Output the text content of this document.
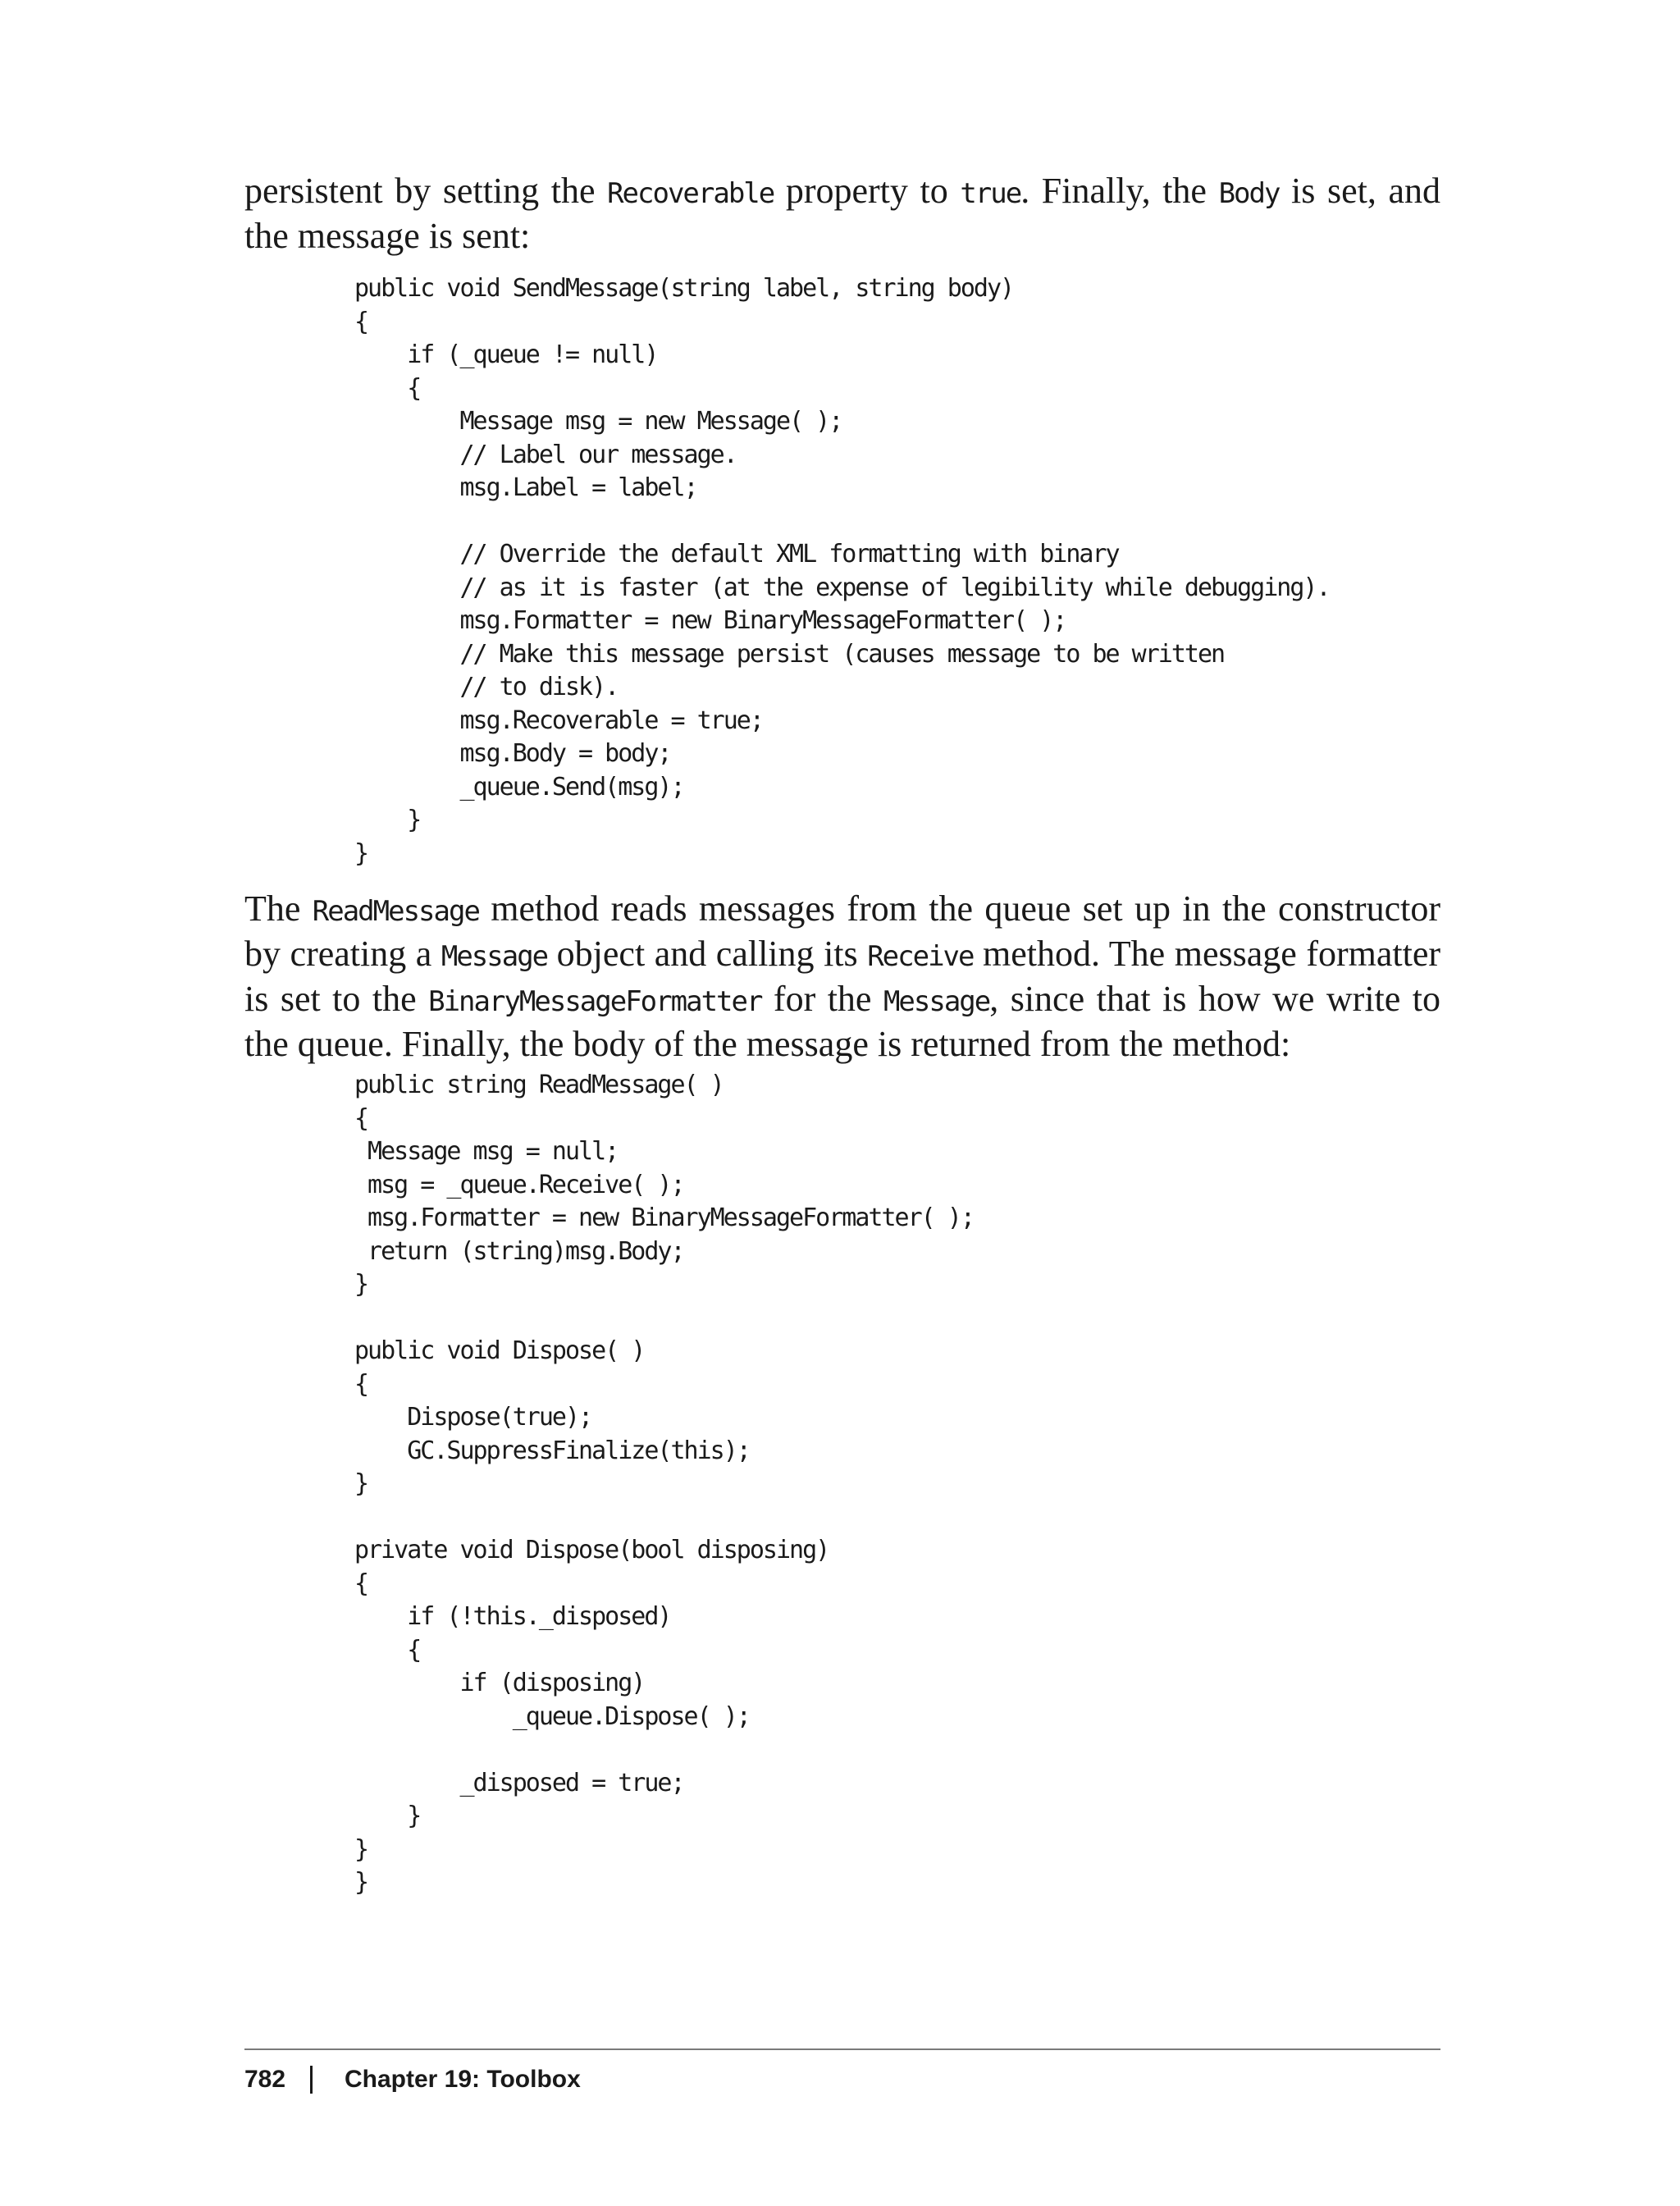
persistent by setting the Recoverable property to true. Finally, the Body is set, and the message is sent:

public void SendMessage(string label, string body)
{
if (_queue != null)
{
Message msg = new Message( );
// Label our message.
msg.Label = label;

// Override the default XML formatting with binary
// as it is faster (at the expense of legibility while debugging).
msg.Formatter = new BinaryMessageFormatter( );
// Make this message persist (causes message to be written
// to disk).
msg.Recoverable = true;
msg.Body = body;
_queue.Send(msg);
}
}

The ReadMessage method reads messages from the queue set up in the constructor by creating a Message object and calling its Receive method. The message formatter is set to the BinaryMessageFormatter for the Message, since that is how we write to the queue. Finally, the body of the message is returned from the method:

public string ReadMessage( )
{
Message msg = null;
msg = _queue.Receive( );
msg.Formatter = new BinaryMessageFormatter( );
return (string)msg.Body;
}

public void Dispose( )
{
Dispose(true);
GC.SuppressFinalize(this);
}

private void Dispose(bool disposing)
{
if (!this._disposed)
{
if (disposing)
_queue.Dispose( );

_disposed = true;
}
}
}
782 Chapter 19: Toolbox
